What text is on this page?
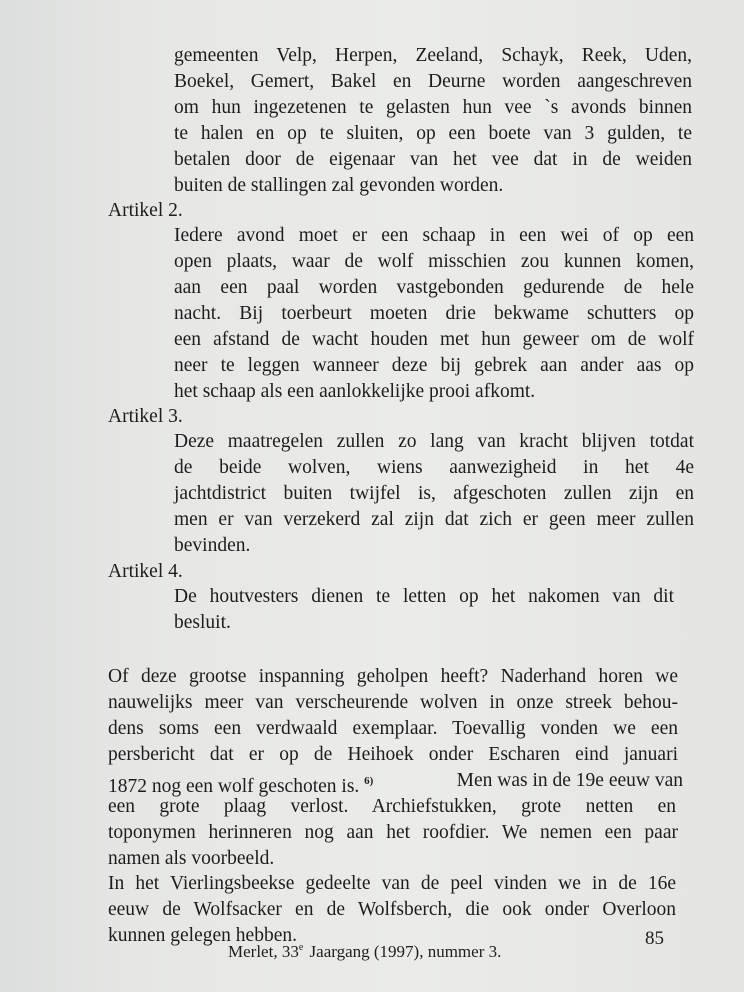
gemeenten Velp, Herpen, Zeeland, Schayk, Reek, Uden,
Boekel, Gemert, Bakel en Deurne worden aangeschreven
om hun ingezetenen te gelasten hun vee `s avonds binnen
te halen en op te sluiten, op een boete van 3 gulden, te
betalen door de eigenaar van het vee dat in de weiden
buiten de stallingen zal gevonden worden.
Artikel 2.
Iedere avond moet er een schaap in een wei of op een
open plaats, waar de wolf misschien zou kunnen komen,
aan een paal worden vastgebonden gedurende de hele
nacht. Bij toerbeurt moeten drie bekwame schutters op
een afstand de wacht houden met hun geweer om de wolf
neer te leggen wanneer deze bij gebrek aan ander aas op
het schaap als een aanlokkelijke prooi afkomt.
Artikel 3.
Deze maatregelen zullen zo lang van kracht blijven totdat
de beide wolven, wiens aanwezigheid in het 4e
jachtdistrict buiten twijfel is, afgeschoten zullen zijn en
men er van verzekerd zal zijn dat zich er geen meer zullen
bevinden.
Artikel 4.
De houtvesters dienen te letten op het nakomen van dit
besluit.
Of deze grootse inspanning geholpen heeft? Naderhand horen we
nauwelijks meer van verscheurende wolven in onze streek behou-
dens soms een verdwaald exemplaar. Toevallig vonden we een
persbericht dat er op de Heihoek onder Escharen eind januari
1872 nog een wolf geschoten is. $^{6)}$	Men was in de 19e eeuw van
een grote plaag verlost. Archiefstukken, grote netten en
toponymen herinneren nog aan het roofdier. We nemen een paar
namen als voorbeeld.
In het Vierlingsbeekse gedeelte van de peel vinden we in de 16e
eeuw de Wolfsacker en de Wolfsberch, die ook onder Overloon
kunnen gelegen hebben.
Merlet, 33e Jaargang (1997), nummer 3.
85
